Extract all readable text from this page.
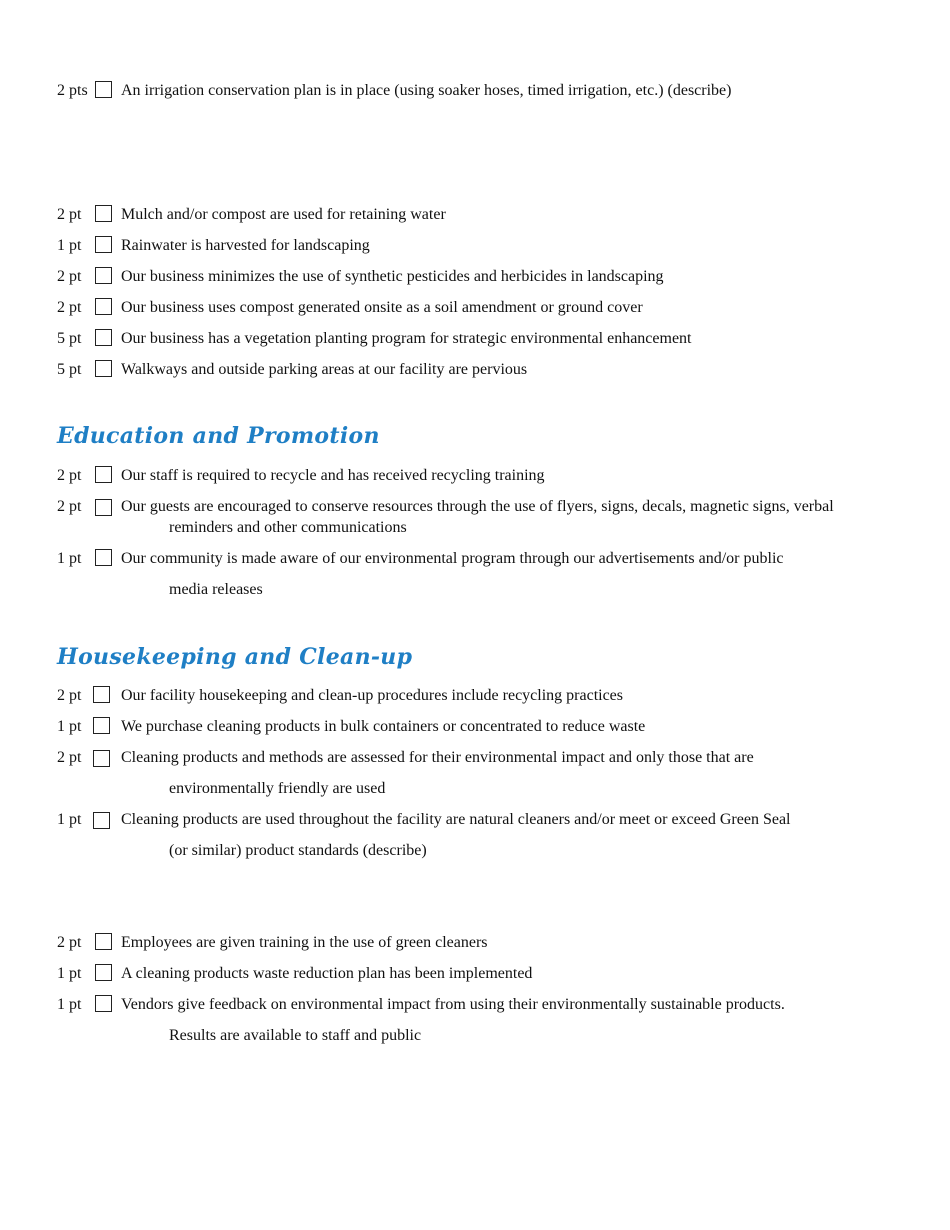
2 pts An irrigation conservation plan is in place (using soaker hoses, timed irrigation, etc.) (describe)
2 pt Mulch and/or compost are used for retaining water
1 pt Rainwater is harvested for landscaping
2 pt Our business minimizes the use of synthetic pesticides and herbicides in landscaping
2 pt Our business uses compost generated onsite as a soil amendment or ground cover
5 pt Our business has a vegetation planting program for strategic environmental enhancement
5 pt Walkways and outside parking areas at our facility are pervious
Education and Promotion
2 pt Our staff is required to recycle and has received recycling training
2 pt Our guests are encouraged to conserve resources through the use of flyers, signs, decals, magnetic signs, verbal
reminders and other communications
1 pt Our community is made aware of our environmental program through our advertisements and/or public
media releases
Housekeeping and Clean-up
2 pt Our facility housekeeping and clean-up procedures include recycling practices
1 pt We purchase cleaning products in bulk containers or concentrated to reduce waste
2 pt Cleaning products and methods are assessed for their environmental impact and only those that are
environmentally friendly are used
1 pt Cleaning products are used throughout the facility are natural cleaners and/or meet or exceed Green Seal
(or similar) product standards (describe)
2 pt Employees are given training in the use of green cleaners
1 pt A cleaning products waste reduction plan has been implemented
1 pt Vendors give feedback on environmental impact from using their environmentally sustainable products.
Results are available to staff and public
